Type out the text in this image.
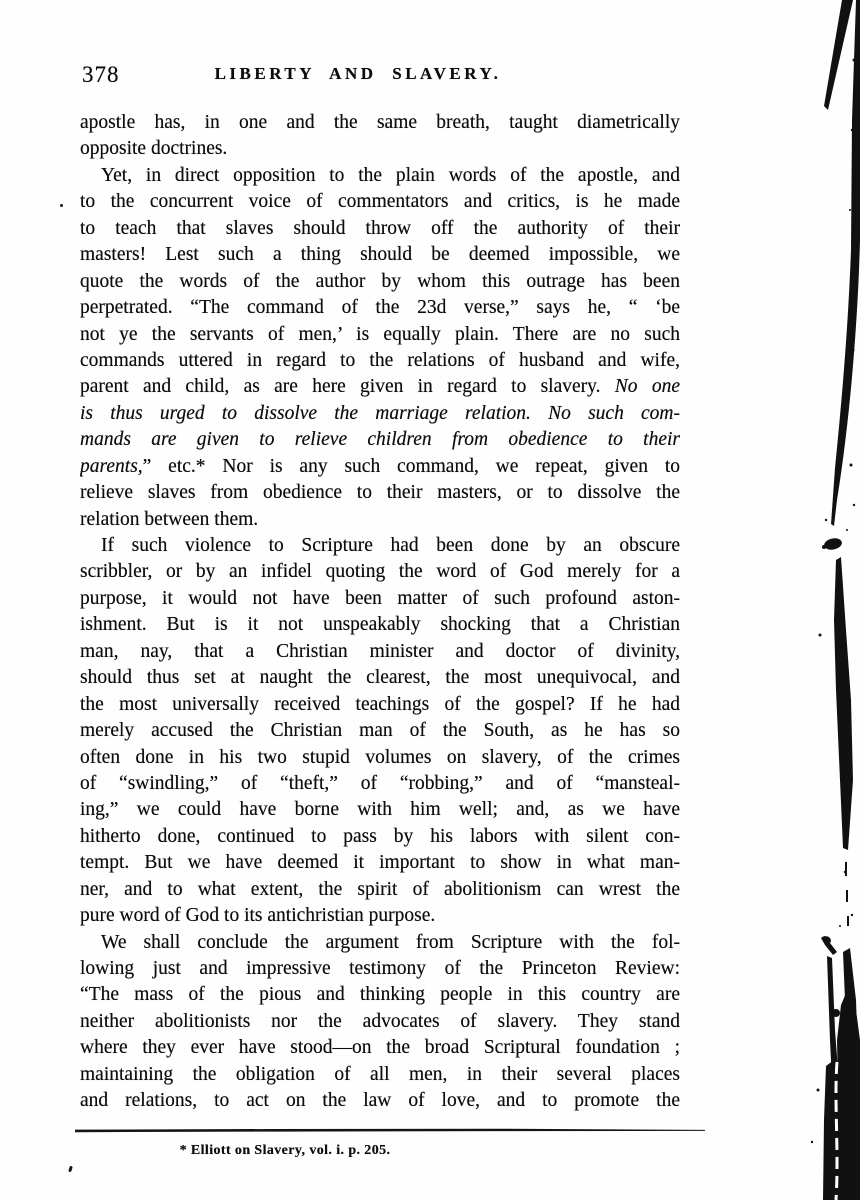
378	LIBERTY AND SLAVERY.
apostle has, in one and the same breath, taught diametrically
opposite doctrines.
Yet, in direct opposition to the plain words of the apostle, and
to the concurrent voice of commentators and critics, is he made
to teach that slaves should throw off the authority of their
masters! Lest such a thing should be deemed impossible, we
quote the words of the author by whom this outrage has been
perpetrated. “The command of the 23d verse,” says he, “ ‘be
not ye the servants of men,’ is equally plain. There are no such
commands uttered in regard to the relations of husband and wife,
parent and child, as are here given in regard to slavery. No one
is thus urged to dissolve the marriage relation. No such com-
mands are given to relieve children from obedience to their
parents,” etc.* Nor is any such command, we repeat, given to
relieve slaves from obedience to their masters, or to dissolve the
relation between them.
If such violence to Scripture had been done by an obscure
scribbler, or by an infidel quoting the word of God merely for a
purpose, it would not have been matter of such profound aston-
ishment. But is it not unspeakably shocking that a Christian
man, nay, that a Christian minister and doctor of divinity,
should thus set at naught the clearest, the most unequivocal, and
the most universally received teachings of the gospel? If he had
merely accused the Christian man of the South, as he has so
often done in his two stupid volumes on slavery, of the crimes
of “swindling,” of “theft,” of “robbing,” and of “mansteal-
ing,” we could have borne with him well; and, as we have
hitherto done, continued to pass by his labors with silent con-
tempt. But we have deemed it important to show in what man-
ner, and to what extent, the spirit of abolitionism can wrest the
pure word of God to its antichristian purpose.
We shall conclude the argument from Scripture with the fol-
lowing just and impressive testimony of the Princeton Review:
“The mass of the pious and thinking people in this country are
neither abolitionists nor the advocates of slavery. They stand
where they ever have stood—on the broad Scriptural foundation ;
maintaining the obligation of all men, in their several places
and relations, to act on the law of love, and to promote the
* Elliott on Slavery, vol. i. p. 205.
